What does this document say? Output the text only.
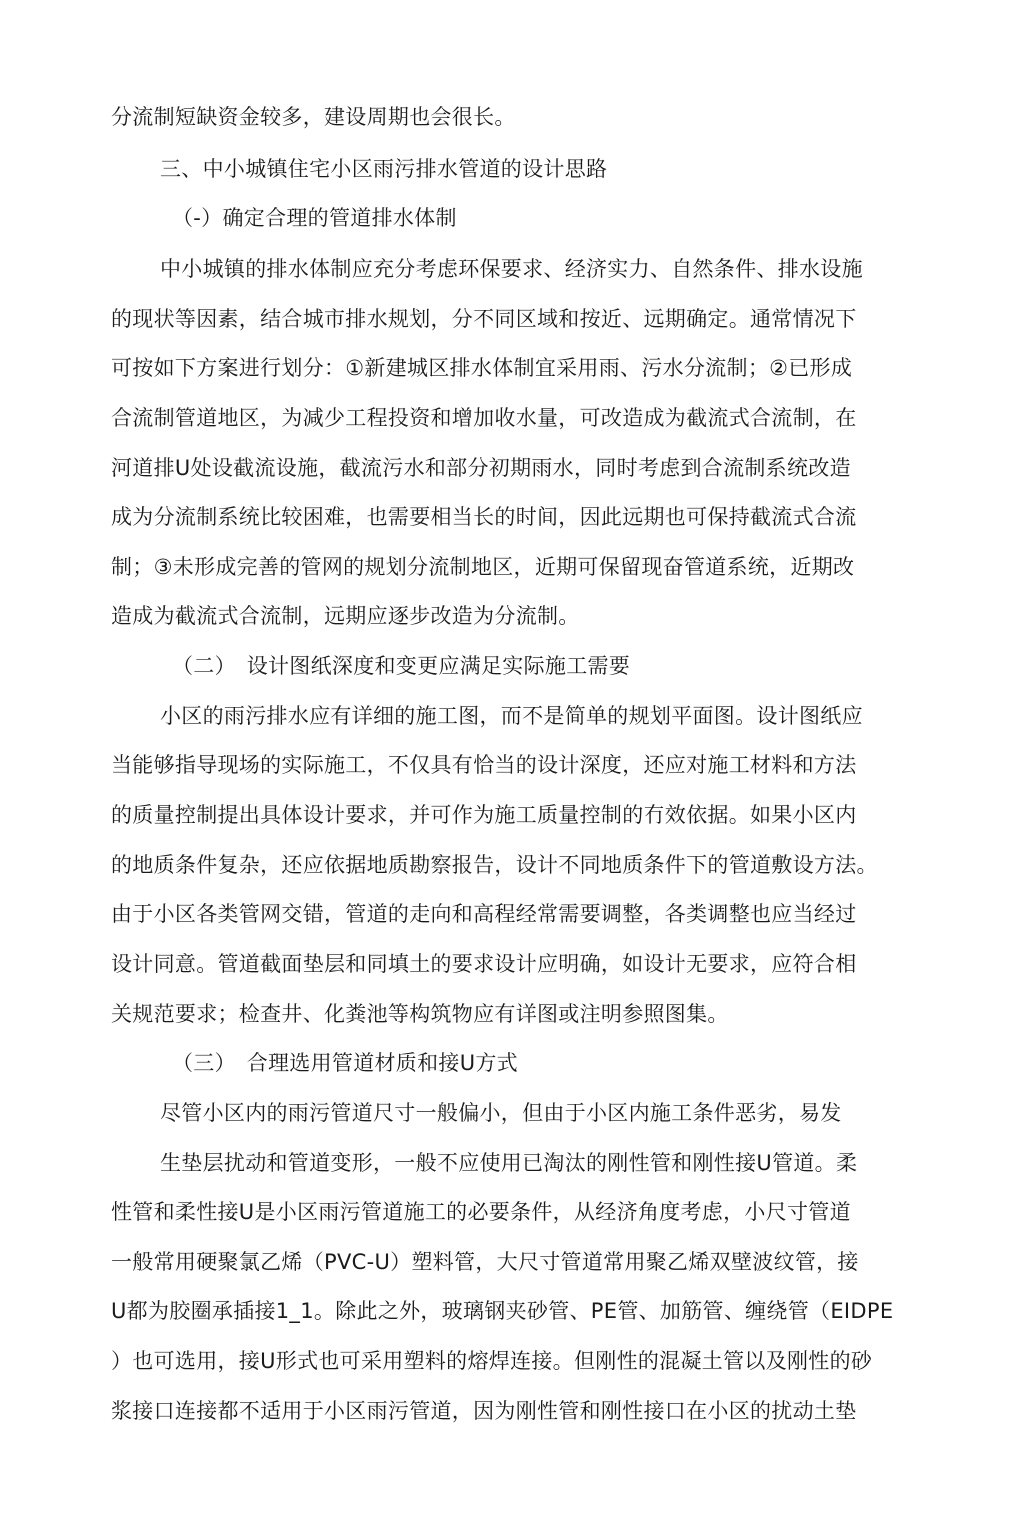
分流制短缺资金较多，建设周期也会很长。
三、中小城镇住宅小区雨污排水管道的设计思路
（-）确定合理的管道排水体制
中小城镇的排水体制应充分考虑环保要求、经济实力、自然条件、排水设施
的现状等因素，结合城市排水规划，分不同区域和按近、远期确定。通常情况下
可按如下方案进行划分：①新建城区排水体制宜采用雨、污水分流制；②已形成
合流制管道地区，为减少工程投资和增加收水量，可改造成为截流式合流制，在
河道排U处设截流设施，截流污水和部分初期雨水，同时考虑到合流制系统改造
成为分流制系统比较困难，也需要相当长的时间，因此远期也可保持截流式合流
制；③未形成完善的管网的规划分流制地区，近期可保留现奋管道系统，近期改
造成为截流式合流制，远期应逐步改造为分流制。
（二）　设计图纸深度和变更应满足实际施工需要
小区的雨污排水应有详细的施工图，而不是简单的规划平面图。设计图纸应
当能够指导现场的实际施工，不仅具有恰当的设计深度，还应对施工材料和方法
的质量控制提出具体设计要求，并可作为施工质量控制的冇效依据。如果小区内
的地质条件复杂，还应依据地质勘察报告，设计不同地质条件下的管道敷设方法。
由于小区各类管网交错，管道的走向和高程经常需要调整，各类调整也应当经过
设计同意。管道截面垫层和同填土的要求设计应明确，如设计无要求，应符合相
关规范要求；检查井、化粪池等构筑物应有详图或注明参照图集。
（三）　合理选用管道材质和接U方式
尽管小区内的雨污管道尺寸一般偏小，但由于小区内施工条件恶劣，易发
生垫层扰动和管道变形，一般不应使用已淘汰的刚性管和刚性接U管道。柔
性管和柔性接U是小区雨污管道施工的必要条件，从经济角度考虑，小尺寸管道
一般常用硬聚氯乙烯（PVC-U）塑料管，大尺寸管道常用聚乙烯双壁波纹管，接
U都为胶圈承插接1_1。除此之外，玻璃钢夹砂管、PE管、加筋管、缠绕管（EIDPE
）也可选用，接U形式也可采用塑料的熔焊连接。但刚性的混凝土管以及刚性的砂
浆接口连接都不适用于小区雨污管道，因为刚性管和刚性接口在小区的扰动土垫
